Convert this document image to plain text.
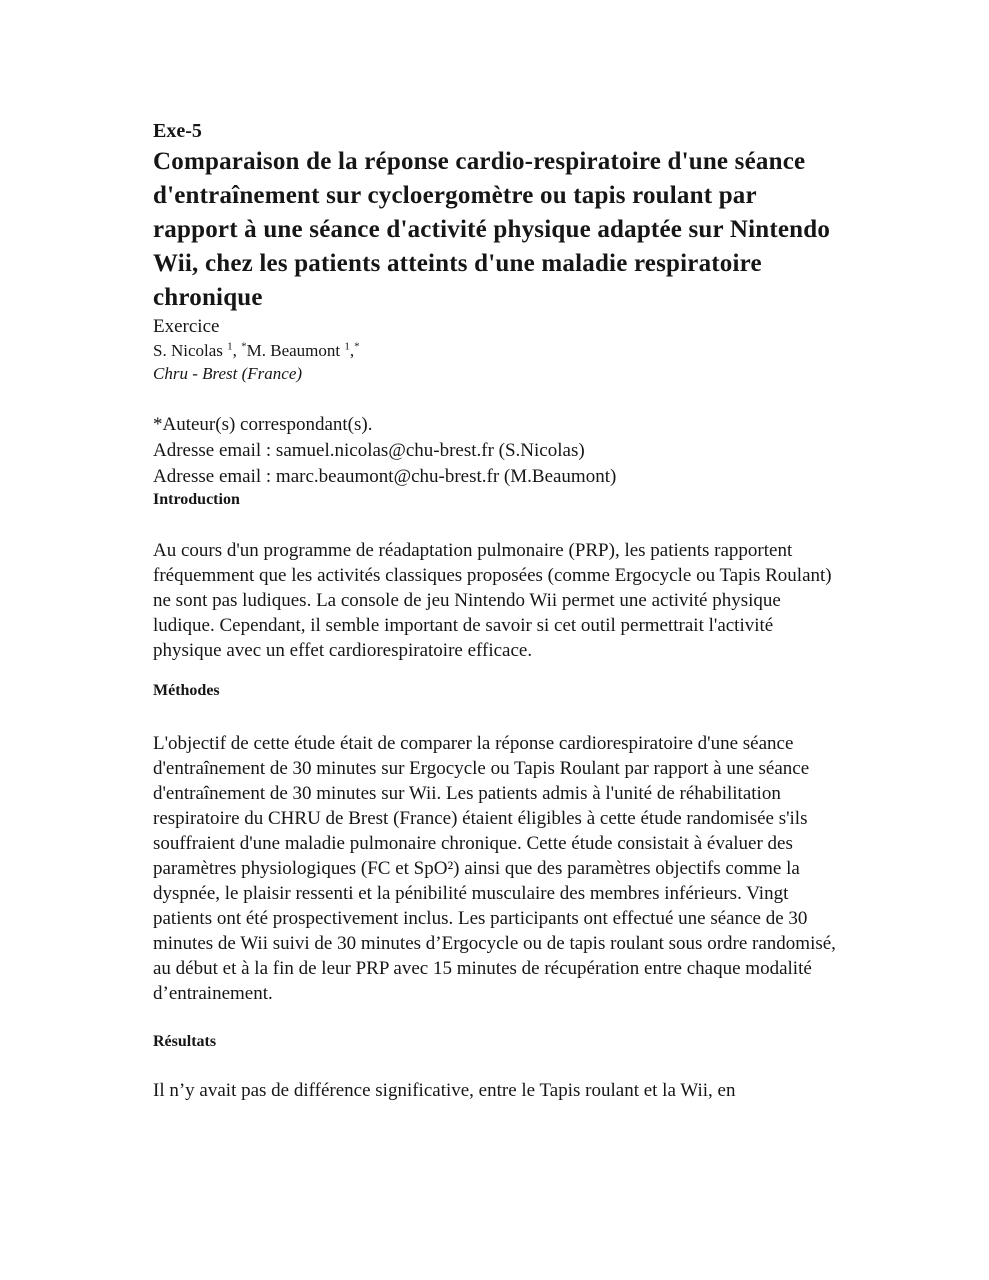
Exe-5
Comparaison de la réponse cardio-respiratoire d'une séance d'entraînement sur cycloergomètre ou tapis roulant par rapport à une séance d'activité physique adaptée sur Nintendo Wii, chez les patients atteints d'une maladie respiratoire chronique
Exercice
S. Nicolas $^1$, *M. Beaumont $^1$,*
Chru - Brest (France)
*Auteur(s) correspondant(s).
Adresse email : samuel.nicolas@chu-brest.fr (S.Nicolas)
Adresse email : marc.beaumont@chu-brest.fr (M.Beaumont)
Introduction

Au cours d'un programme de réadaptation pulmonaire (PRP), les patients rapportent fréquemment que les activités classiques proposées (comme Ergocycle ou Tapis Roulant) ne sont pas ludiques. La console de jeu Nintendo Wii permet une activité physique ludique. Cependant, il semble important de savoir si cet outil permettrait l'activité physique avec un effet cardiorespiratoire efficace.

Méthodes

L'objectif de cette étude était de comparer la réponse cardiorespiratoire d'une séance d'entraînement de 30 minutes sur Ergocycle ou Tapis Roulant par rapport à une séance d'entraînement de 30 minutes sur Wii. Les patients admis à l'unité de réhabilitation respiratoire du CHRU de Brest (France) étaient éligibles à cette étude randomisée s'ils souffraient d'une maladie pulmonaire chronique. Cette étude consistait à évaluer des paramètres physiologiques (FC et SpO²) ainsi que des paramètres objectifs comme la dyspnée, le plaisir ressenti et la pénibilité musculaire des membres inférieurs. Vingt patients ont été prospectivement inclus. Les participants ont effectué une séance de 30 minutes de Wii suivi de 30 minutes d’Ergocycle ou de tapis roulant sous ordre randomisé, au début et à la fin de leur PRP avec 15 minutes de récupération entre chaque modalité d’entrainement.

Résultats

Il n’y avait pas de différence significative, entre le Tapis roulant et la Wii, en
